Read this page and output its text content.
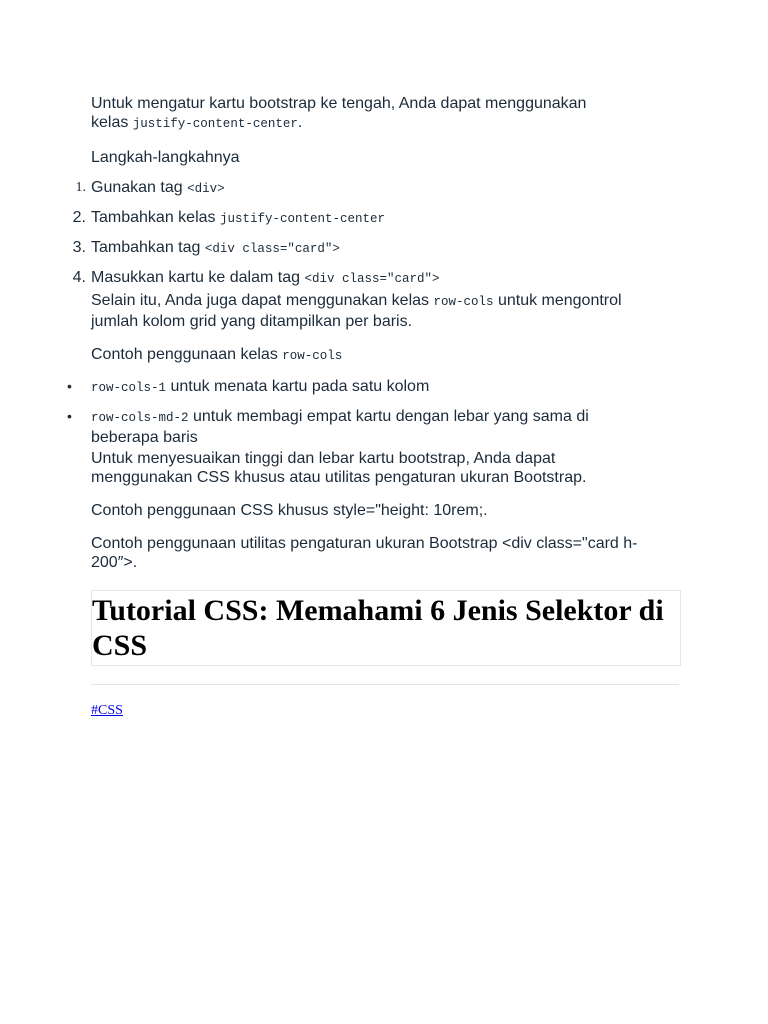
Untuk mengatur kartu bootstrap ke tengah, Anda dapat menggunakan
kelas justify-content-center.

Langkah-langkahnya

1. Gunakan tag <div>
2. Tambahkan kelas justify-content-center
3. Tambahkan tag <div class="card">
4. Masukkan kartu ke dalam tag <div class="card">

Selain itu, Anda juga dapat menggunakan kelas row-cols untuk mengontrol
jumlah kolom grid yang ditampilkan per baris.

Contoh penggunaan kelas row-cols

• row-cols-1 untuk menata kartu pada satu kolom
• row-cols-md-2 untuk membagi empat kartu dengan lebar yang sama di
beberapa baris

Untuk menyesuaikan tinggi dan lebar kartu bootstrap, Anda dapat
menggunakan CSS khusus atau utilitas pengaturan ukuran Bootstrap.

Contoh penggunaan CSS khusus style="height: 10rem;.

Contoh penggunaan utilitas pengaturan ukuran Bootstrap <div class="card h-
200″>.

Tutorial CSS: Memahami 6 Jenis Selektor di
CSS
#CSS
